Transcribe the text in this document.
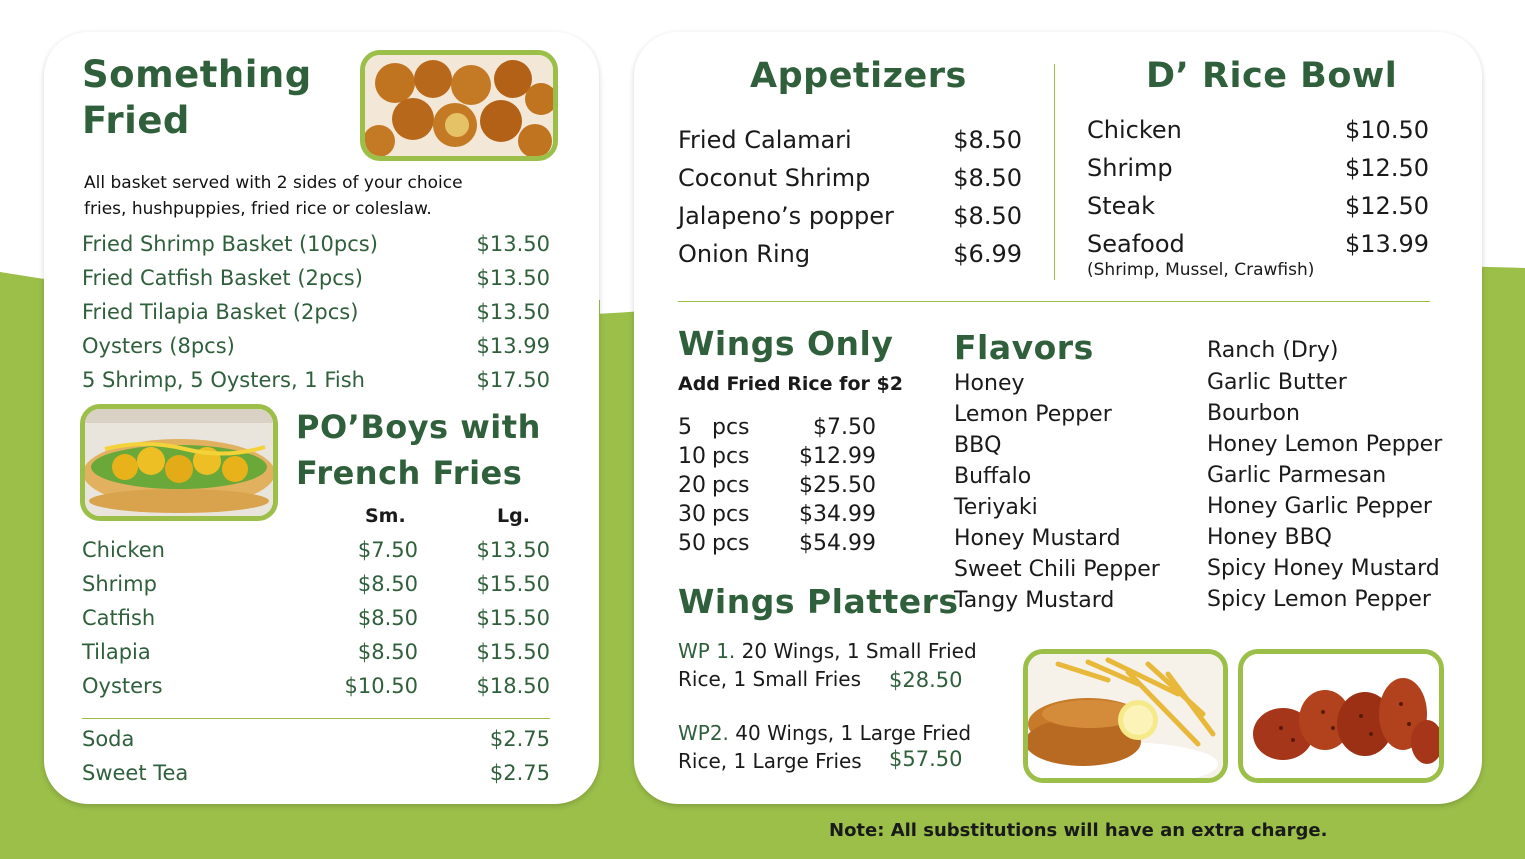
Something
Fried
All basket served with 2 sides of your choice
fries, hushpuppies, fried rice or coleslaw.
Fried Shrimp Basket (10pcs)	$13.50
Fried Catfish Basket (2pcs)	$13.50
Fried Tilapia Basket (2pcs)	$13.50
Oysters (8pcs)	$13.99
5 Shrimp, 5 Oysters, 1 Fish	$17.50
PO’Boys with
French Fries
Sm.	Lg.
Chicken	$7.50	$13.50
Shrimp	$8.50	$15.50
Catfish	$8.50	$15.50
Tilapia	$8.50	$15.50
Oysters	$10.50	$18.50
Soda	$2.75
Sweet Tea	$2.75
Appetizers	D’ Rice Bowl
Fried Calamari	$8.50
Coconut Shrimp	$8.50
Jalapeno’s popper $8.50
Onion Ring	$6.99
Chicken	$10.50
Shrimp	$12.50
Steak	$12.50
Seafood	$13.99
(Shrimp, Mussel, Crawfish)
Wings Only
Add Fried Rice for $2
5 pcs	$7.50
10 pcs $12.99
20 pcs $25.50
30 pcs $34.99
50 pcs $54.99
Flavors
Honey
Lemon Pepper
BBQ
Buffalo
Teriyaki
Honey Mustard
Sweet Chili Pepper
Tangy Mustard
Ranch (Dry)
Garlic Butter
Bourbon
Honey Lemon Pepper
Garlic Parmesan
Honey Garlic Pepper
Honey BBQ
Spicy Honey Mustard
Spicy Lemon Pepper
Wings Platters
WP 1. 20 Wings, 1 Small Fried
Rice, 1 Small Fries $28.50
WP2. 40 Wings, 1 Large Fried
Rice, 1 Large Fries $57.50
Note: All substitutions will have an extra charge.
